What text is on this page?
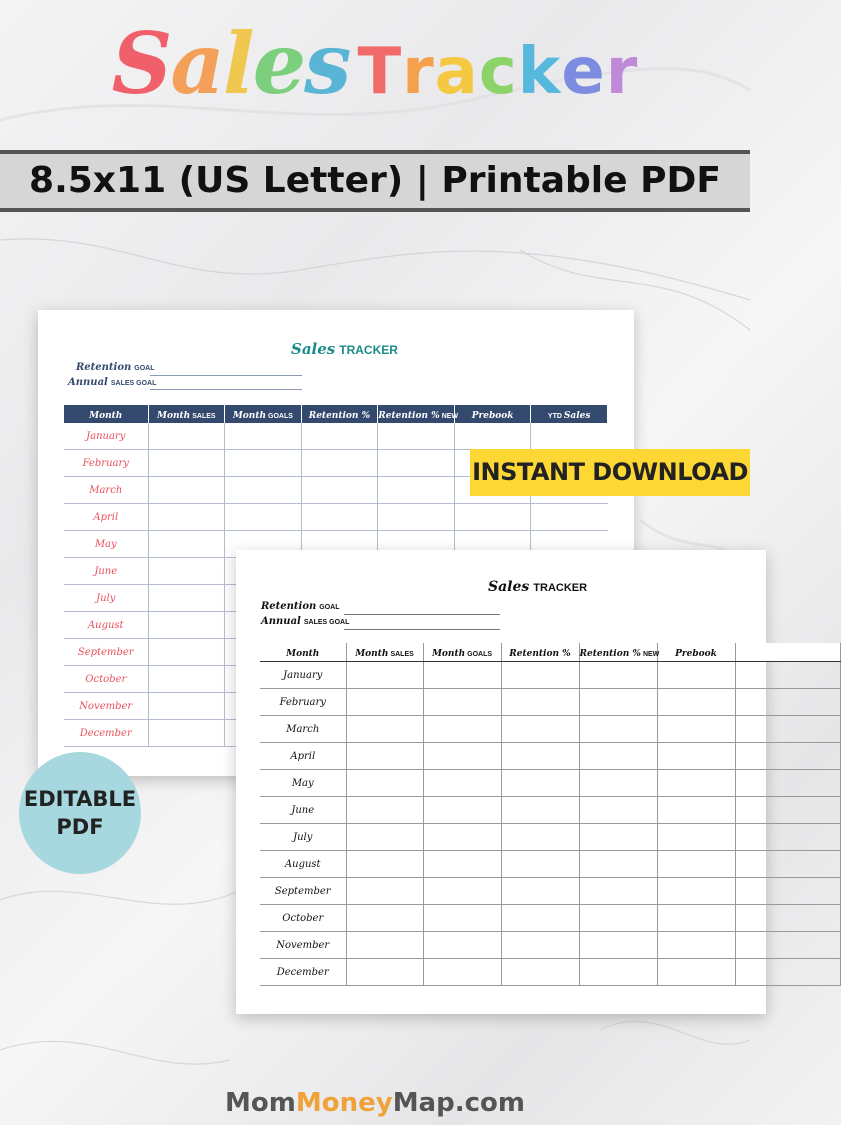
Sales Tracker
8.5x11 (US Letter) | Printable PDF
Sales TRACKER
Retention GOAL
Annual SALES GOAL
Month	Month SALES	Month GOALS	Retention %	Retention % NEW	Prebook	YTD Sales
January						
February						
March						
April						
May						
June						
July						
August						
September						
October						
November						
December						
INSTANT DOWNLOAD
Sales TRACKER
Retention GOAL
Annual SALES GOAL
Month	Month SALES	Month GOALS	Retention %	Retention % NEW	Prebook	
January						
February						
March						
April						
May						
June						
July						
August						
September						
October						
November						
December						
EDITABLE
PDF
MomMoneyMap.com
